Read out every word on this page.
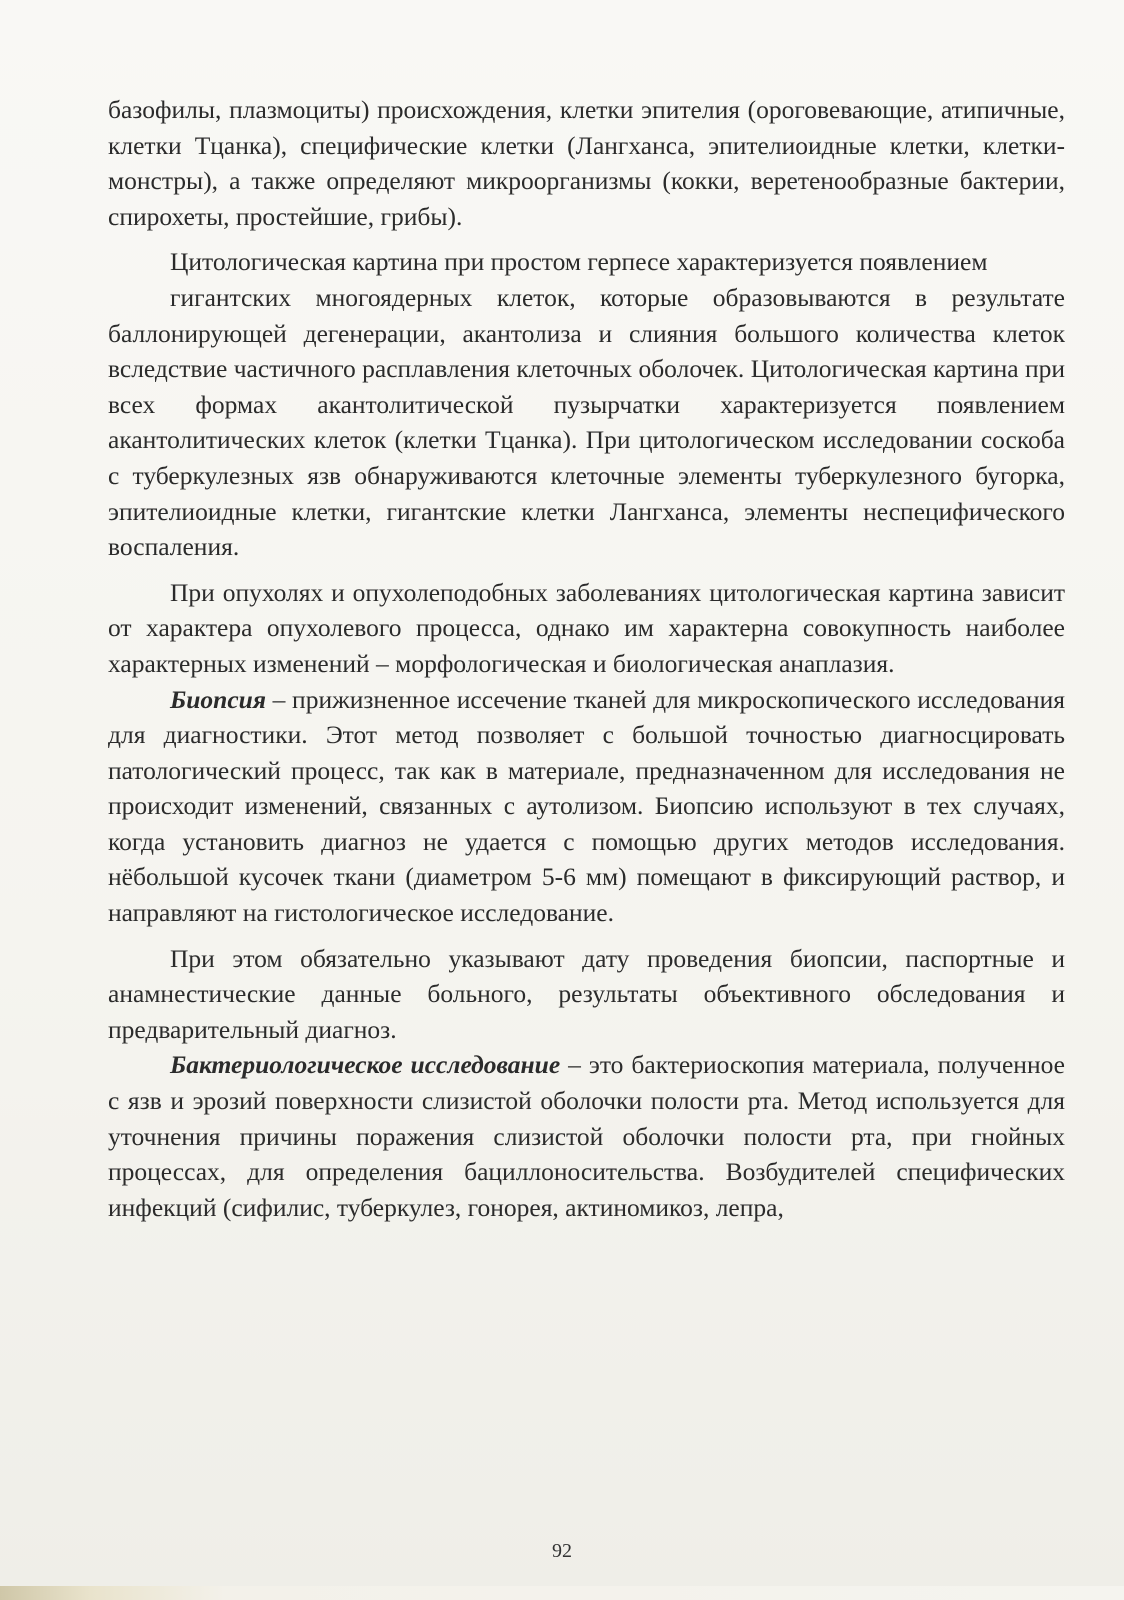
базофилы, плазмоциты) происхождения, клетки эпителия (ороговевающие, атипичные, клетки Тцанка), специфические клетки (Лангханса, эпителиоидные клетки, клетки-монстры), а также определяют микроорганизмы (кокки, веретенообразные бактерии, спирохеты, простейшие, грибы).

Цитологическая картина при простом герпесе характеризуется появлением

гигантских многоядерных клеток, которые образовываются в результате баллонирующей дегенерации, акантолиза и слияния большого количества клеток вследствие частичного расплавления клеточных оболочек. Цитологическая картина при всех формах акантолитической пузырчатки характеризуется появлением акантолитических клеток (клетки Тцанка). При цитологическом исследовании соскоба с туберкулезных язв обнаруживаются клеточные элементы туберкулезного бугорка, эпителиоидные клетки, гигантские клетки Лангханса, элементы неспецифического воспаления.

При опухолях и опухолеподобных заболеваниях цитологическая картина зависит от характера опухолевого процесса, однако им характерна совокупность наиболее характерных изменений – морфологическая и биологическая анаплазия.

Биопсия – прижизненное иссечение тканей для микроскопического исследования для диагностики. Этот метод позволяет с большой точностью диагносцировать патологический процесс, так как в материале, предназначенном для исследования не происходит изменений, связанных с аутолизом. Биопсию используют в тех случаях, когда установить диагноз не удается с помощью других методов исследования. нёбольшой кусочек ткани (диаметром 5-6 мм) помещают в фиксирующий раствор, и направляют на гистологическое исследование.

При этом обязательно указывают дату проведения биопсии, паспортные и анамнестические данные больного, результаты объективного обследования и предварительный диагноз.

Бактериологическое исследование – это бактериоскопия материала, полученное с язв и эрозий поверхности слизистой оболочки полости рта. Метод используется для уточнения причины поражения слизистой оболочки полости рта, при гнойных процессах, для определения бациллоносительства. Возбудителей специфических инфекций (сифилис, туберкулез, гонорея, актиномикоз, лепра,

92
